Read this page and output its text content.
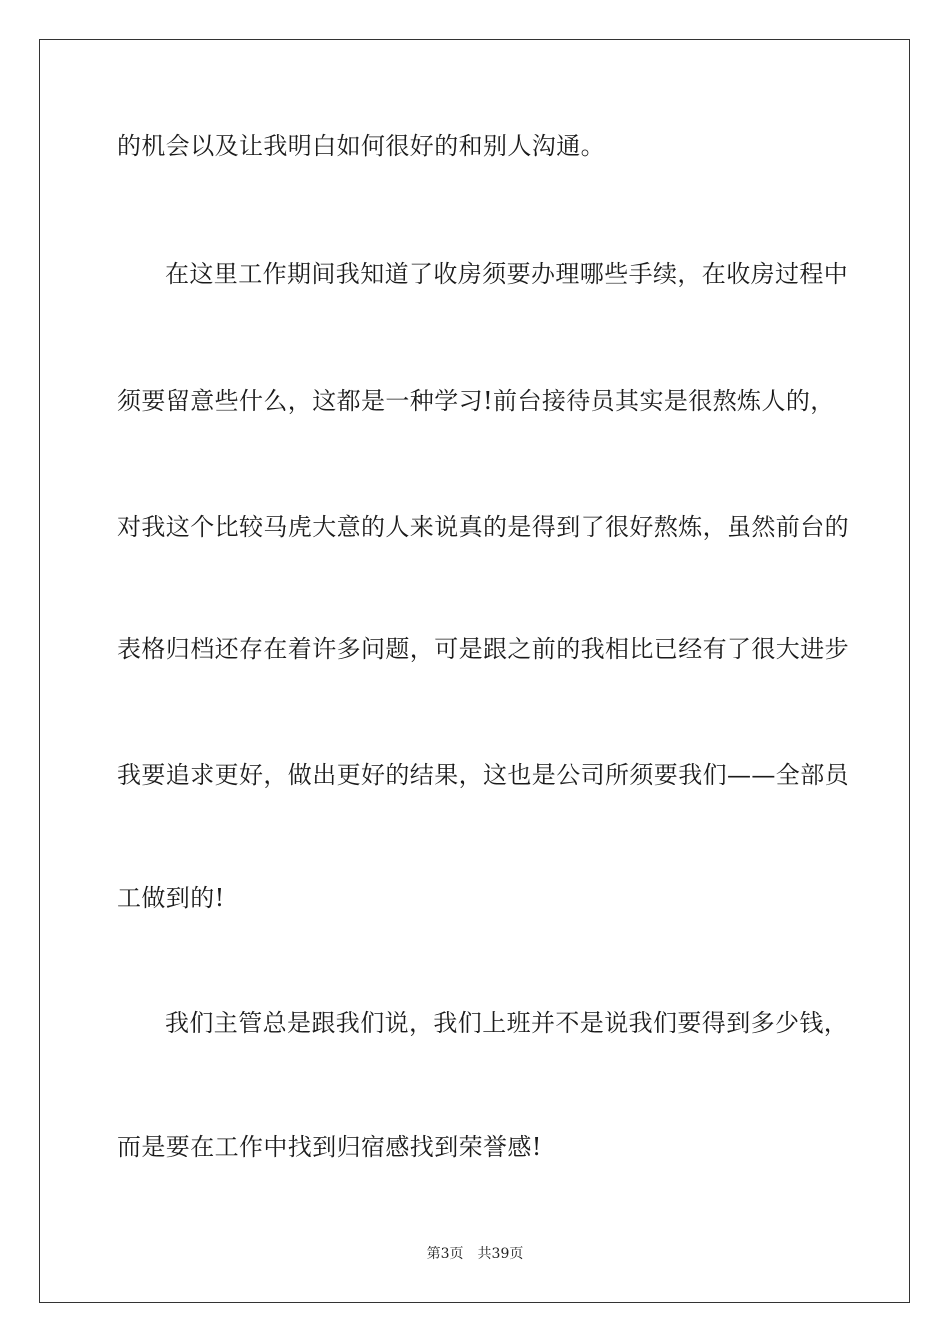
的机会以及让我明白如何很好的和别人沟通。
在这里工作期间我知道了收房须要办理哪些手续，在收房过程中
须要留意些什么，这都是一种学习!前台接待员其实是很熬炼人的，
对我这个比较马虎大意的人来说真的是得到了很好熬炼，虽然前台的
表格归档还存在着许多问题，可是跟之前的我相比已经有了很大进步
我要追求更好，做出更好的结果，这也是公司所须要我们——全部员
工做到的!
我们主管总是跟我们说，我们上班并不是说我们要得到多少钱，
而是要在工作中找到归宿感找到荣誉感!
第3页 共39页
